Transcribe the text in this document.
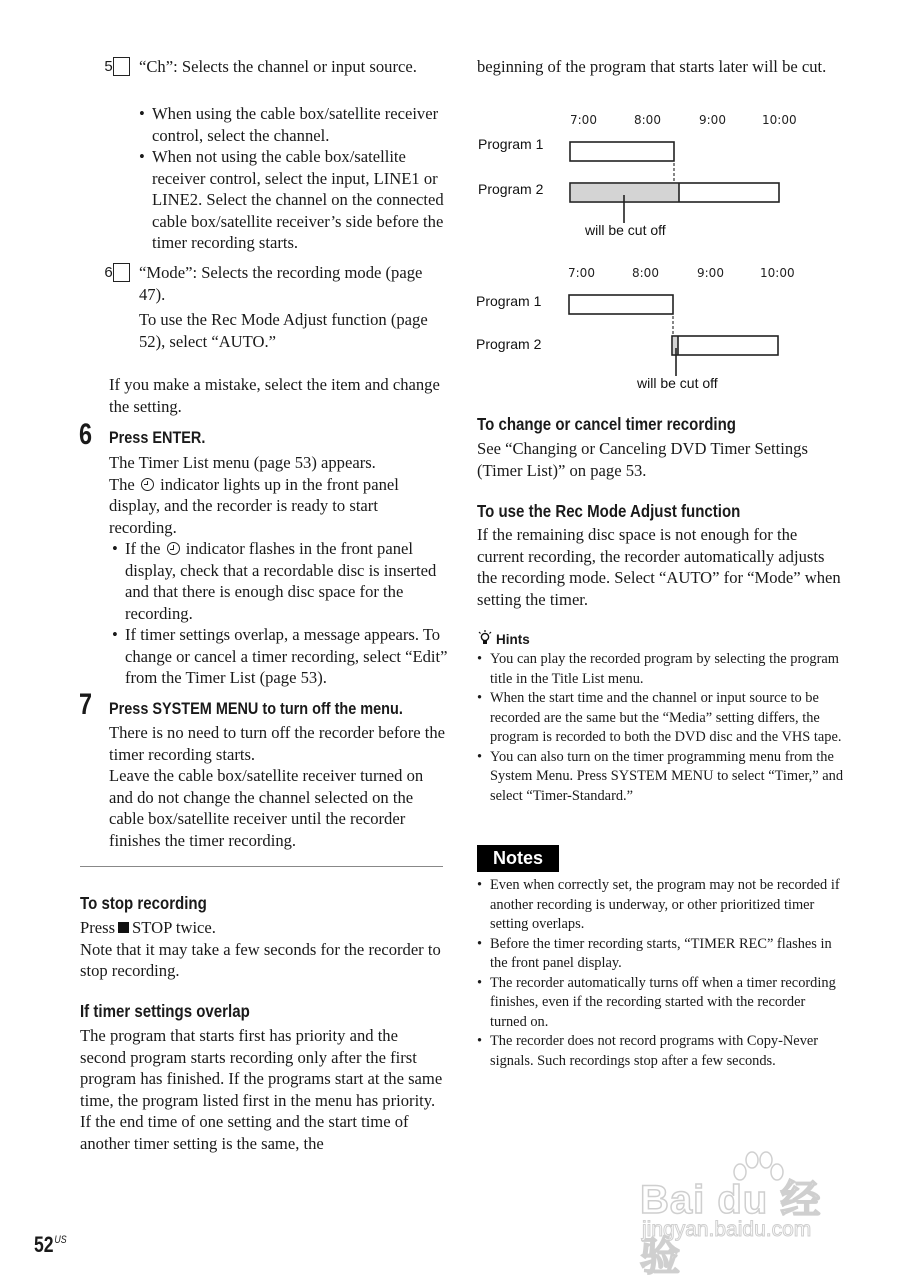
5 “Ch”: Selects the channel or input source.
• When using the cable box/satellite receiver control, select the channel.
• When not using the cable box/satellite receiver control, select the input, LINE1 or LINE2. Select the channel on the connected cable box/satellite receiver’s side before the timer recording starts.
6 “Mode”: Selects the recording mode (page 47).
To use the Rec Mode Adjust function (page 52), select “AUTO.”
If you make a mistake, select the item and change the setting.
6 Press ENTER.
The Timer List menu (page 53) appears.
The indicator lights up in the front panel display, and the recorder is ready to start recording.
• If the indicator flashes in the front panel display, check that a recordable disc is inserted and that there is enough disc space for the recording.
• If timer settings overlap, a message appears. To change or cancel a timer recording, select “Edit” from the Timer List (page 53).
7 Press SYSTEM MENU to turn off the menu.
There is no need to turn off the recorder before the timer recording starts.
Leave the cable box/satellite receiver turned on and do not change the channel selected on the cable box/satellite receiver until the recorder finishes the timer recording.
To stop recording
Press STOP twice.
Note that it may take a few seconds for the recorder to stop recording.
If timer settings overlap
The program that starts first has priority and the second program starts recording only after the first program has finished. If the programs start at the same time, the program listed first in the menu has priority. If the end time of one setting and the start time of another timer setting is the same, the
beginning of the program that starts later will be cut.
7:00	8:00	9:00	10:00
Program 1
Program 2
will be cut off
7:00	8:00	9:00	10:00
Program 1
Program 2
will be cut off
To change or cancel timer recording
See “Changing or Canceling DVD Timer Settings (Timer List)” on page 53.
To use the Rec Mode Adjust function
If the remaining disc space is not enough for the current recording, the recorder automatically adjusts the recording mode. Select “AUTO” for “Mode” when setting the timer.
Hints
• You can play the recorded program by selecting the program title in the Title List menu.
• When the start time and the channel or input source to be recorded are the same but the “Media” setting differs, the program is recorded to both the DVD disc and the VHS tape.
• You can also turn on the timer programming menu from the System Menu. Press SYSTEM MENU to select “Timer,” and select “Timer-Standard.”
Notes
• Even when correctly set, the program may not be recorded if another recording is underway, or other prioritized timer setting overlaps.
• Before the timer recording starts, “TIMER REC” flashes in the front panel display.
• The recorder automatically turns off when a timer recording finishes, even if the recording started with the recorder turned on.
• The recorder does not record programs with Copy-Never signals. Such recordings stop after a few seconds.
$52^{US}$
Bai du 经验
jingyan.baidu.com
